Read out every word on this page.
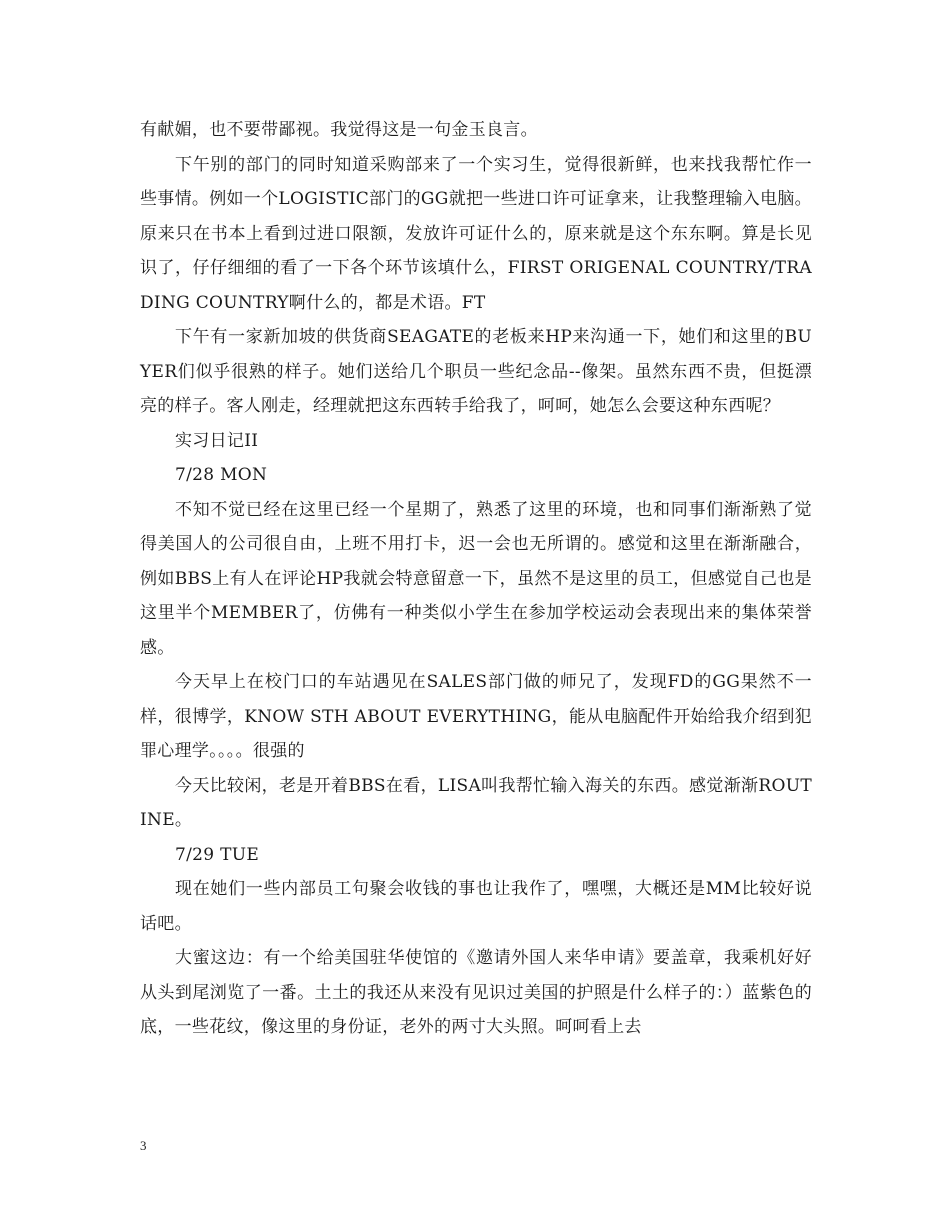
有献媚，也不要带鄙视。我觉得这是一句金玉良言。

下午别的部门的同时知道采购部来了一个实习生，觉得很新鲜，也来找我帮忙作一些事情。例如一个LOGISTIC部门的GG就把一些进口许可证拿来，让我整理输入电脑。原来只在书本上看到过进口限额，发放许可证什么的，原来就是这个东东啊。算是长见识了，仔仔细细的看了一下各个环节该填什么，FIRST ORIGENAL COUNTRY/TRADING COUNTRY啊什么的，都是术语。FT

下午有一家新加坡的供货商SEAGATE的老板来HP来沟通一下，她们和这里的BUYER们似乎很熟的样子。她们送给几个职员一些纪念品--像架。虽然东西不贵，但挺漂亮的样子。客人刚走，经理就把这东西转手给我了，呵呵，她怎么会要这种东西呢？

实习日记II

7/28 MON

不知不觉已经在这里已经一个星期了，熟悉了这里的环境，也和同事们渐渐熟了觉得美国人的公司很自由，上班不用打卡，迟一会也无所谓的。感觉和这里在渐渐融合，例如BBS上有人在评论HP我就会特意留意一下，虽然不是这里的员工，但感觉自己也是这里半个MEMBER了，仿佛有一种类似小学生在参加学校运动会表现出来的集体荣誉感。

今天早上在校门口的车站遇见在SALES部门做的师兄了，发现FD的GG果然不一样，很博学，KNOW STH ABOUT EVERYTHING，能从电脑配件开始给我介绍到犯罪心理学。。。。很强的

今天比较闲，老是开着BBS在看，LISA叫我帮忙输入海关的东西。感觉渐渐ROUTINE。

7/29 TUE

现在她们一些内部员工句聚会收钱的事也让我作了，嘿嘿，大概还是MM比较好说话吧。

大蜜这边：有一个给美国驻华使馆的《邀请外国人来华申请》要盖章，我乘机好好从头到尾浏览了一番。土土的我还从来没有见识过美国的护照是什么样子的：）蓝紫色的底，一些花纹，像这里的身份证，老外的两寸大头照。呵呵看上去

3
